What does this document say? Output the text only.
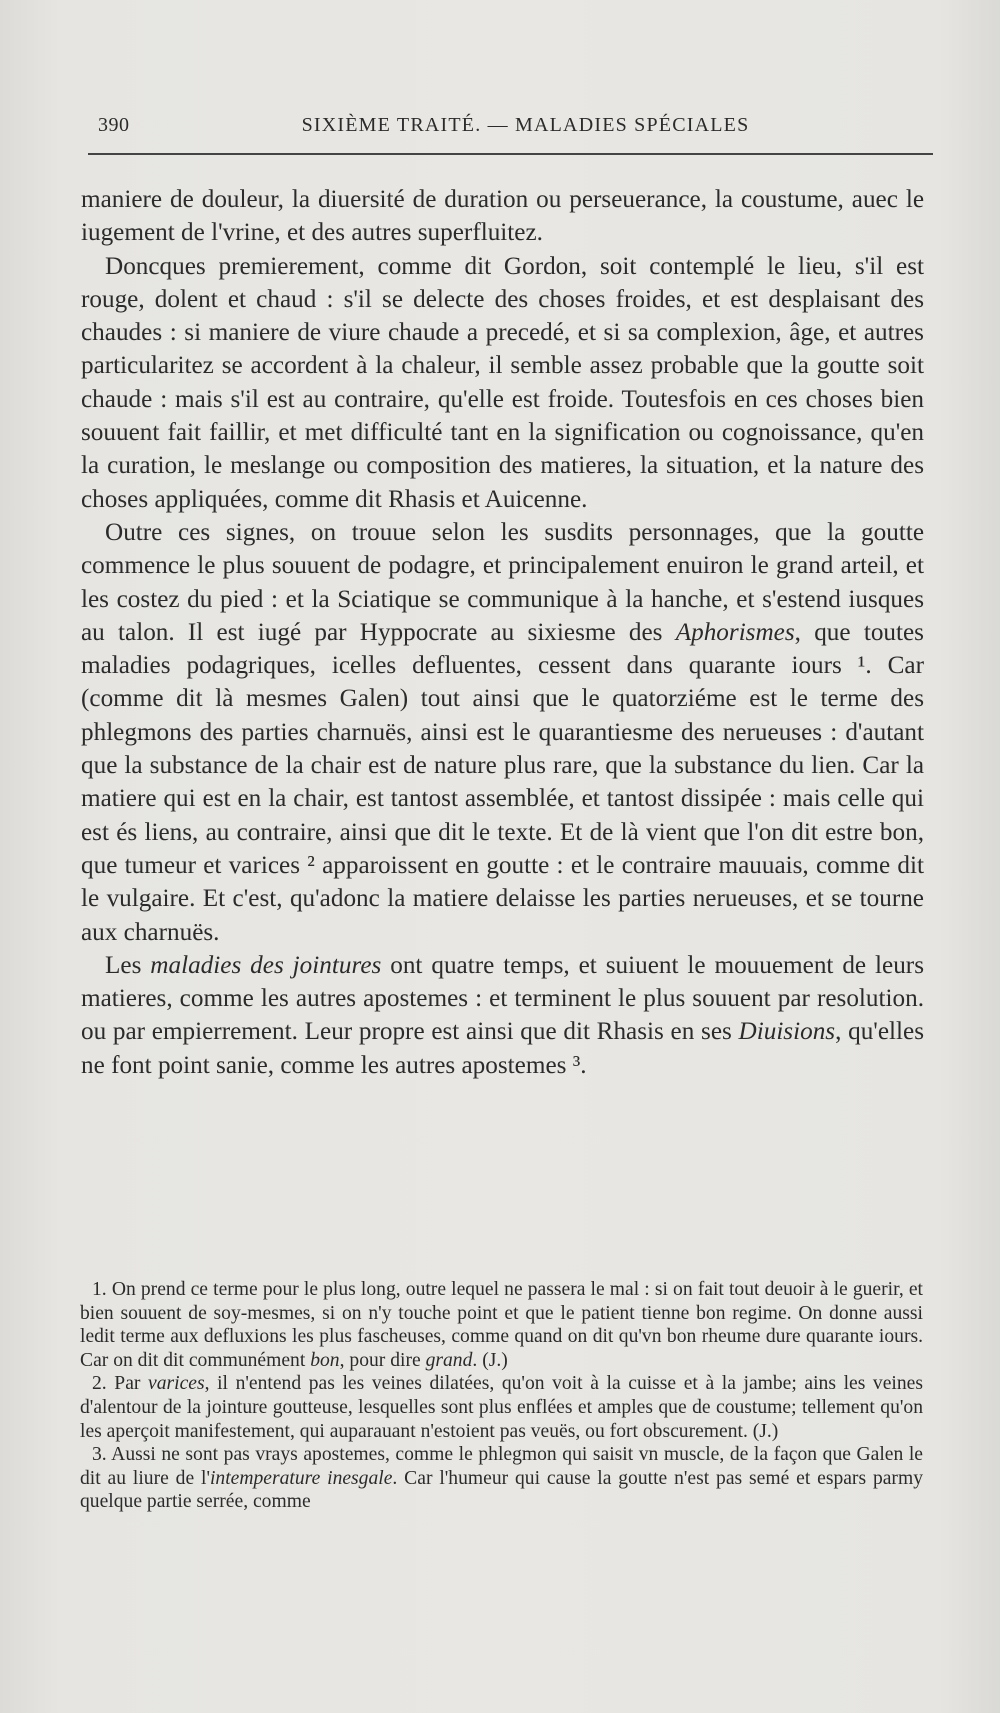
390	SIXIÈME TRAITÉ. — MALADIES SPÉCIALES

maniere de douleur, la diuersité de duration ou perseuerance, la coustume, auec le iugement de l'vrine, et des autres superfluitez.

Doncques premierement, comme dit Gordon, soit contemplé le lieu, s'il est rouge, dolent et chaud : s'il se delecte des choses froides, et est desplaisant des chaudes : si maniere de viure chaude a precedé, et si sa complexion, âge, et autres particularitez se accordent à la chaleur, il semble assez probable que la goutte soit chaude : mais s'il est au contraire, qu'elle est froide. Toutesfois en ces choses bien souuent fait faillir, et met difficulté tant en la signification ou cognoissance, qu'en la curation, le meslange ou composition des matieres, la situation, et la nature des choses appliquées, comme dit Rhasis et Auicenne.

Outre ces signes, on trouue selon les susdits personnages, que la goutte commence le plus souuent de podagre, et principalement enuiron le grand arteil, et les costez du pied : et la Sciatique se communique à la hanche, et s'estend iusques au talon. Il est iugé par Hyppocrate au sixiesme des Aphorismes, que toutes maladies podagriques, icelles defluentes, cessent dans quarante iours ¹. Car (comme dit là mesmes Galen) tout ainsi que le quatorziéme est le terme des phlegmons des parties charnuës, ainsi est le quarantiesme des nerueuses : d'autant que la substance de la chair est de nature plus rare, que la substance du lien. Car la matiere qui est en la chair, est tantost assemblée, et tantost dissipée : mais celle qui est és liens, au contraire, ainsi que dit le texte. Et de là vient que l'on dit estre bon, que tumeur et varices ² apparoissent en goutte : et le contraire mauuais, comme dit le vulgaire. Et c'est, qu'adonc la matiere delaisse les parties nerueuses, et se tourne aux charnuës.

Les maladies des jointures ont quatre temps, et suiuent le mouuement de leurs matieres, comme les autres apostemes : et terminent le plus souuent par resolution. ou par empierrement. Leur propre est ainsi que dit Rhasis en ses Diuisions, qu'elles ne font point sanie, comme les autres apostemes ³.

1. On prend ce terme pour le plus long, outre lequel ne passera le mal : si on fait tout deuoir à le guerir, et bien souuent de soy-mesmes, si on n'y touche point et que le patient tienne bon regime. On donne aussi ledit terme aux defluxions les plus fascheuses, comme quand on dit qu'vn bon rheume dure quarante iours. Car on dit dit communément bon, pour dire grand. (J.)

2. Par varices, il n'entend pas les veines dilatées, qu'on voit à la cuisse et à la jambe; ains les veines d'alentour de la jointure goutteuse, lesquelles sont plus enflées et amples que de coustume; tellement qu'on les aperçoit manifestement, qui auparauant n'estoient pas veuës, ou fort obscurement. (J.)

3. Aussi ne sont pas vrays apostemes, comme le phlegmon qui saisit vn muscle, de la façon que Galen le dit au liure de l'intemperature inesgale. Car l'humeur qui cause la goutte n'est pas semé et espars parmy quelque partie serrée, comme
